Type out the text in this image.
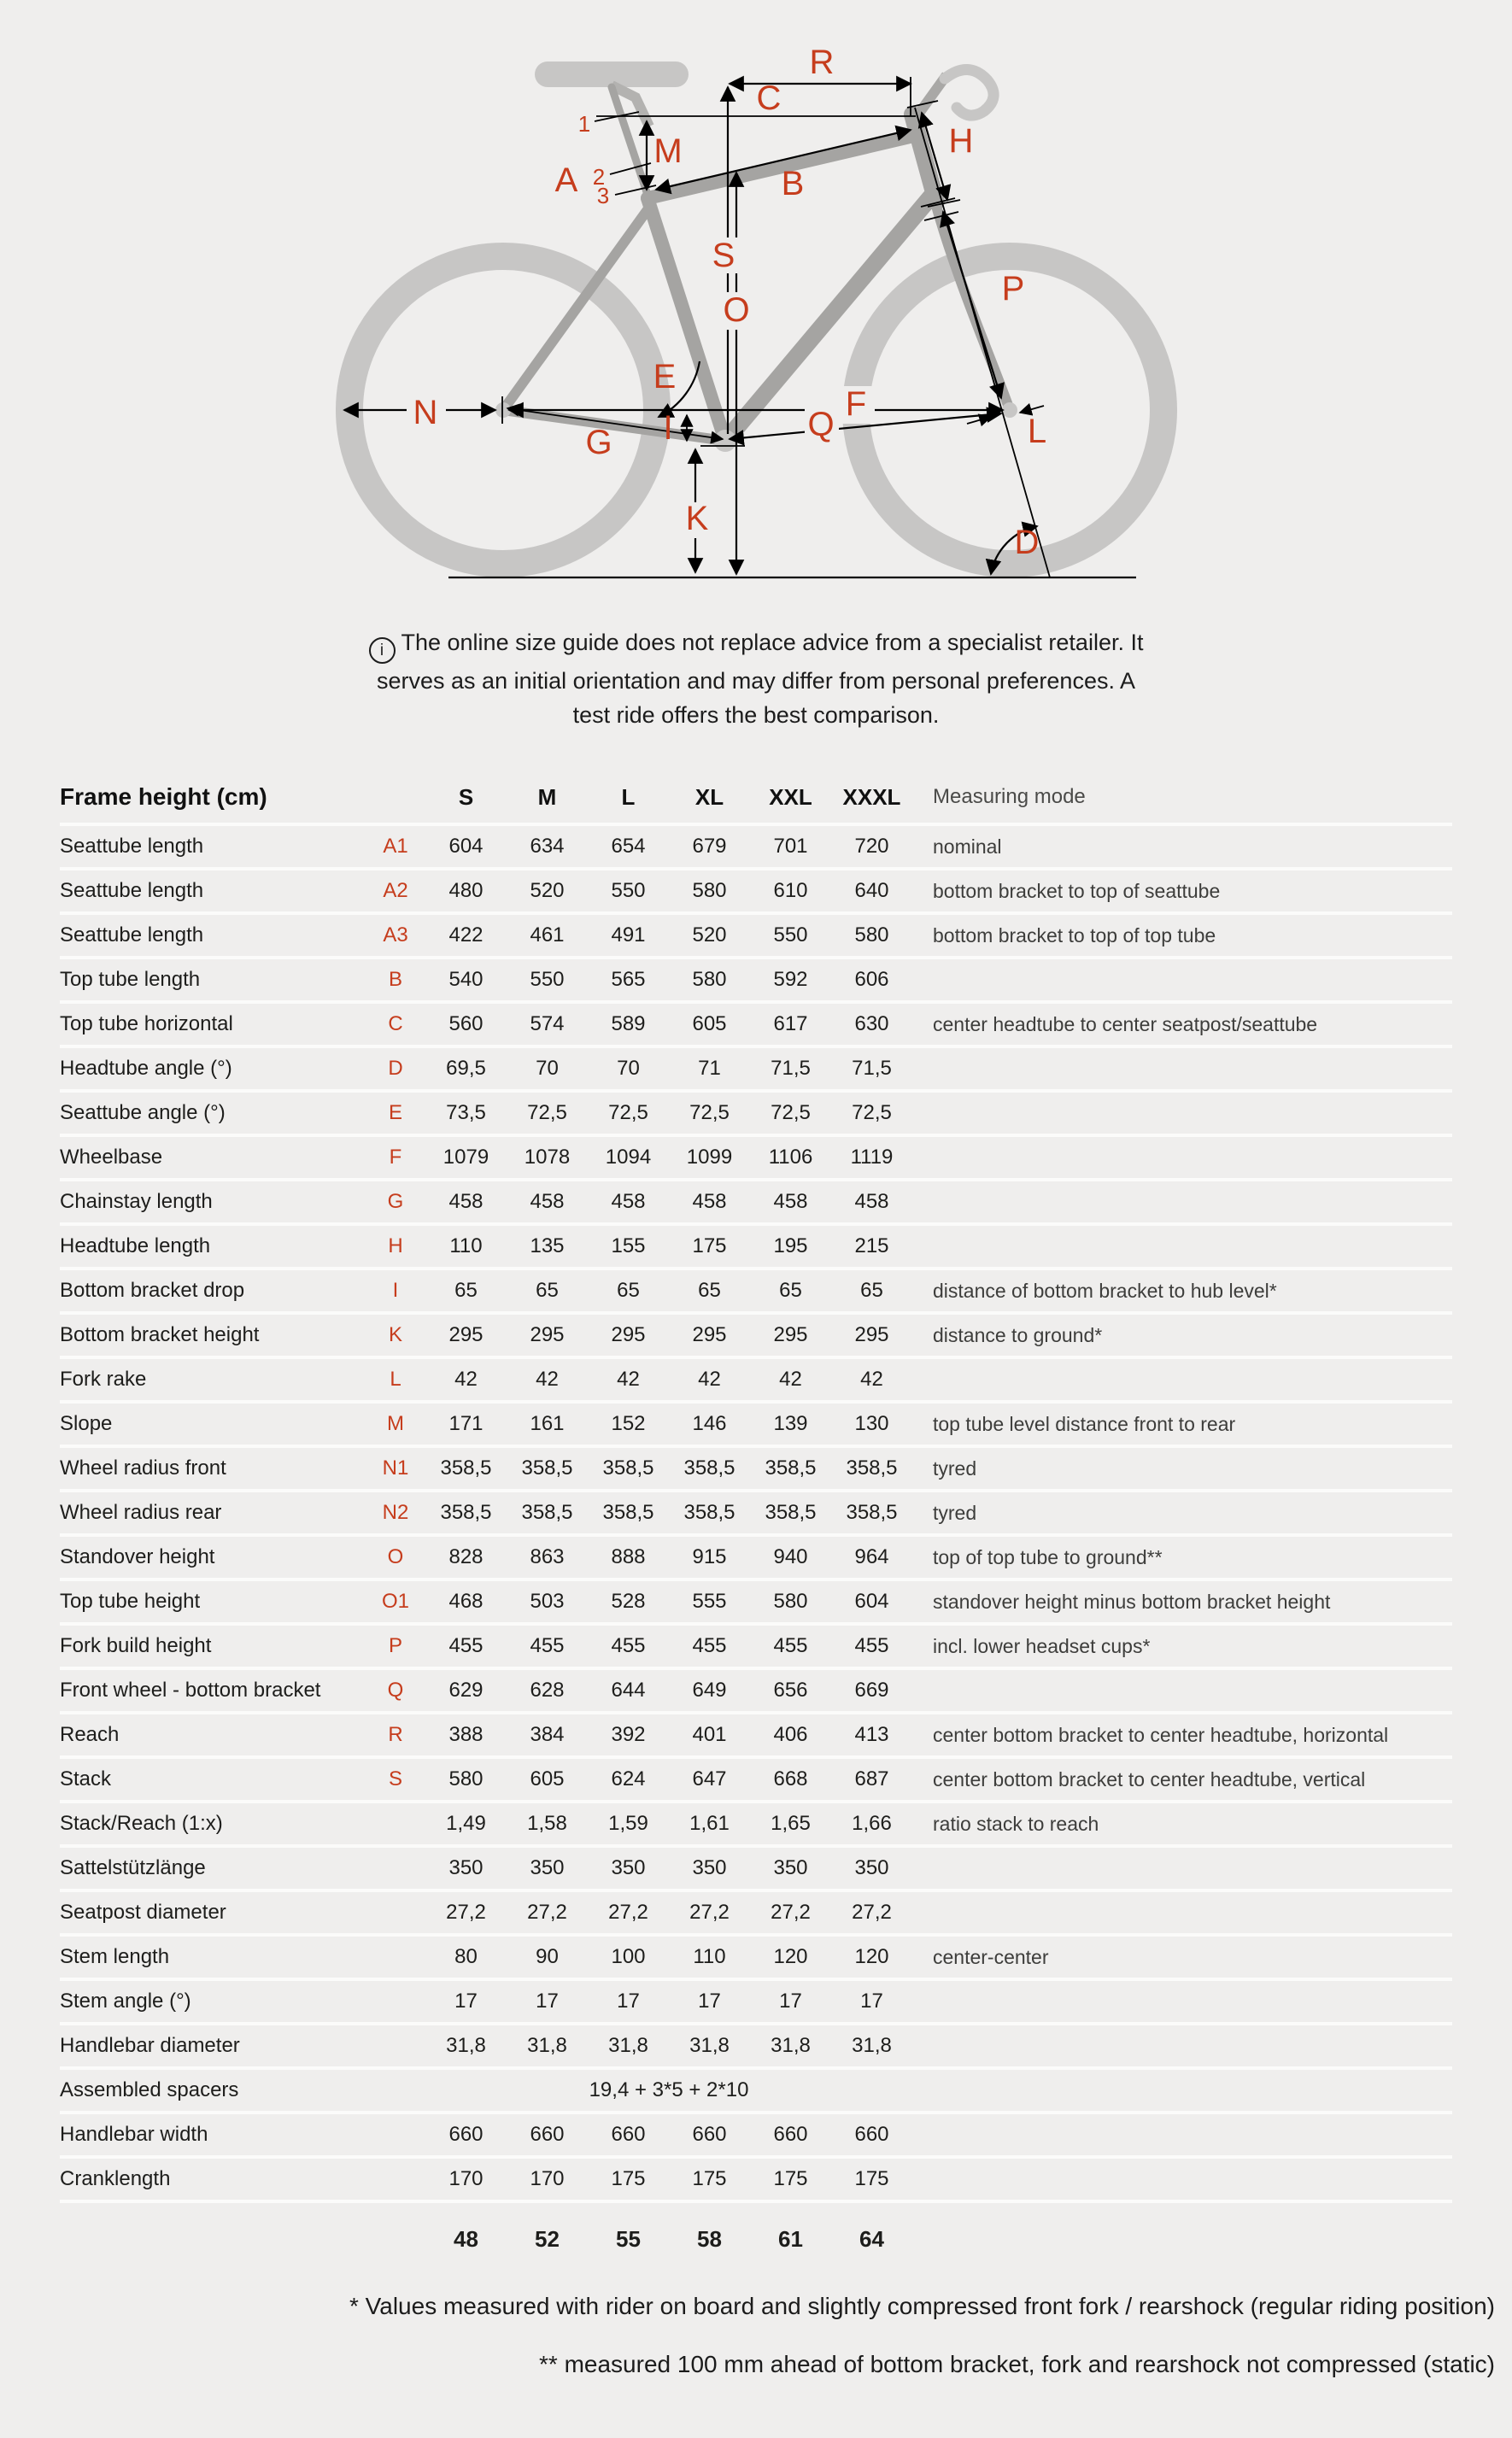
R
C
1
M
A 2
3	B
H
S
O
E
P
N	F
Q
G I	L
K
D
i The online size guide does not replace advice from a specialist retailer. It
serves as an initial orientation and may differ from personal preferences. A
test ride offers the best comparison.
Frame height (cm)	S	M	L	XL	XXL	XXXL	Measuring mode
Seattube length	A1	604	634	654	679	701	720	nominal
Seattube length	A2	480	520	550	580	610	640	bottom bracket to top of seattube
Seattube length	A3	422	461	491	520	550	580	bottom bracket to top of top tube
Top tube length	B	540	550	565	580	592	606
Top tube horizontal	C	560	574	589	605	617	630	center headtube to center seatpost/seattube
Headtube angle (°)	D	69,5	70	70	71	71,5	71,5
Seattube angle (°)	E	73,5	72,5	72,5	72,5	72,5	72,5
Wheelbase	F	1079	1078	1094	1099	1106	1119
Chainstay length	G	458	458	458	458	458	458
Headtube length	H	110	135	155	175	195	215
Bottom bracket drop	I	65	65	65	65	65	65	distance of bottom bracket to hub level*
Bottom bracket height	K	295	295	295	295	295	295	distance to ground*
Fork rake	L	42	42	42	42	42	42
Slope	M	171	161	152	146	139	130	top tube level distance front to rear
Wheel radius front	N1	358,5	358,5	358,5	358,5	358,5	358,5	tyred
Wheel radius rear	N2	358,5	358,5	358,5	358,5	358,5	358,5	tyred
Standover height	O	828	863	888	915	940	964	top of top tube to ground**
Top tube height	O1	468	503	528	555	580	604	standover height minus bottom bracket height
Fork build height	P	455	455	455	455	455	455	incl. lower headset cups*
Front wheel - bottom bracket	Q	629	628	644	649	656	669
Reach	R	388	384	392	401	406	413	center bottom bracket to center headtube, horizontal
Stack	S	580	605	624	647	668	687	center bottom bracket to center headtube, vertical
Stack/Reach (1:x)	1,49	1,58	1,59	1,61	1,65	1,66	ratio stack to reach
Sattelstützlänge	350	350	350	350	350	350
Seatpost diameter	27,2	27,2	27,2	27,2	27,2	27,2
Stem length	80	90	100	110	120	120	center-center
Stem angle (°)	17	17	17	17	17	17
Handlebar diameter	31,8	31,8	31,8	31,8	31,8	31,8
Assembled spacers	19,4 + 3*5 + 2*10
Handlebar width	660	660	660	660	660	660
Cranklength	170	170	175	175	175	175
48	52	55	58	61	64
* Values measured with rider on board and slightly compressed front fork / rearshock (regular riding position)
** measured 100 mm ahead of bottom bracket, fork and rearshock not compressed (static)
